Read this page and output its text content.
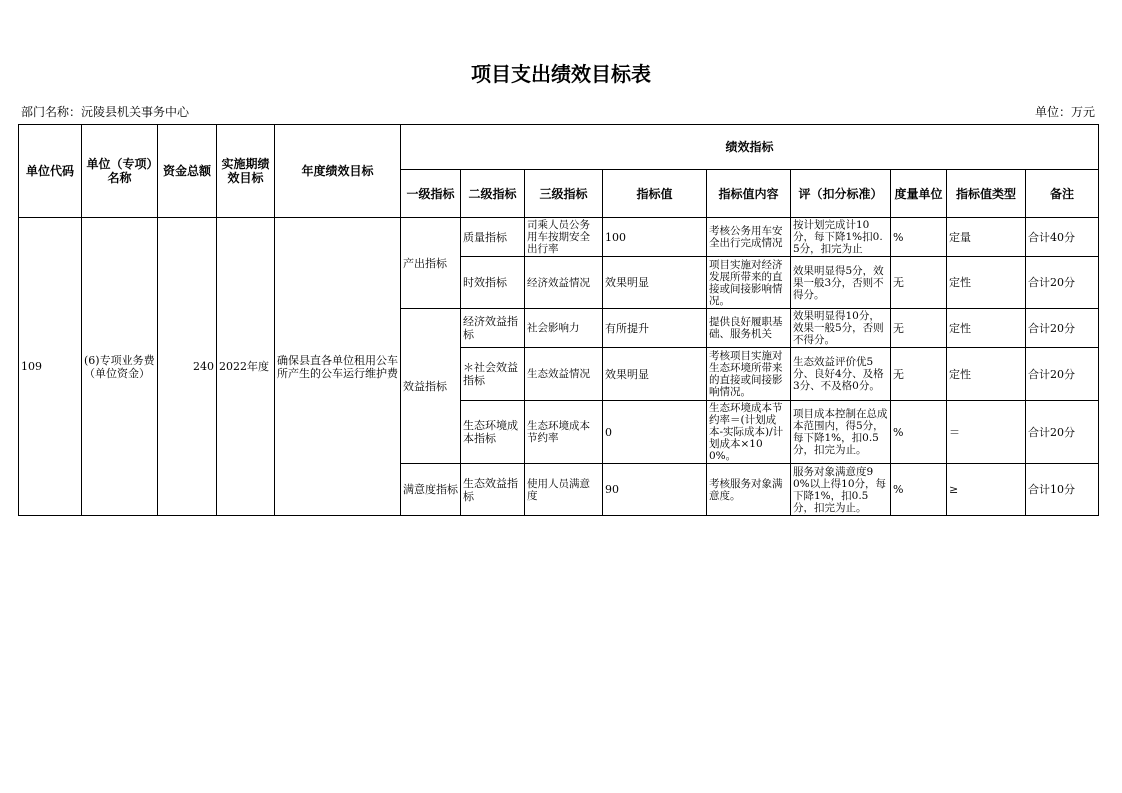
项目支出绩效目标表
部门名称：沅陵县机关事务中心	单位：万元
单位代码	单位（专项）名称	资金总额	实施期绩效目标	年度绩效目标	绩效指标								
					一级指标	二级指标	三级指标	指标值	指标值内容	评（扣分标准）	度量单位	指标值类型	备注
109	(6)专项业务费（单位资金）	240	2022年度	确保县直各单位租用公车所产生的公车运行维护费	产出指标	质量指标	司乘人员公务用车按期安全出行率	100	考核公务用车安全出行完成情况	按计划完成计10分，每下降1%扣0.5分，扣完为止	%	定量	合计40分
						时效指标	经济效益情况	效果明显	项目实施对经济发展所带来的直接或间接影响情况。	效果明显得5分，效果一般3分，否则不得分。	无	定性	合计20分
					效益指标	经济效益指标	社会影响力	有所提升	提供良好履职基础、服务机关	效果明显得10分，效果一般5分，否则不得分。	无	定性	合计20分
						＊社会效益指标	生态效益情况	效果明显	考核项目实施对生态环境所带来的直接或间接影响情况。	生态效益评价优5分、良好4分、及格3分、不及格0分。	无	定性	合计20分
						生态环境成本指标	生态环境成本节约率	0	生态环境成本节约率＝(计划成本-实际成本)/计划成本×100%。	项目成本控制在总成本范围内，得5分，每下降1%，扣0.5分，扣完为止。	%	＝	合计20分
					满意度指标	生态效益指标	使用人员满意度	90	考核服务对象满意度。	服务对象满意度90%以上得10分，每下降1%，扣0.5分，扣完为止。	%	≥	合计10分
